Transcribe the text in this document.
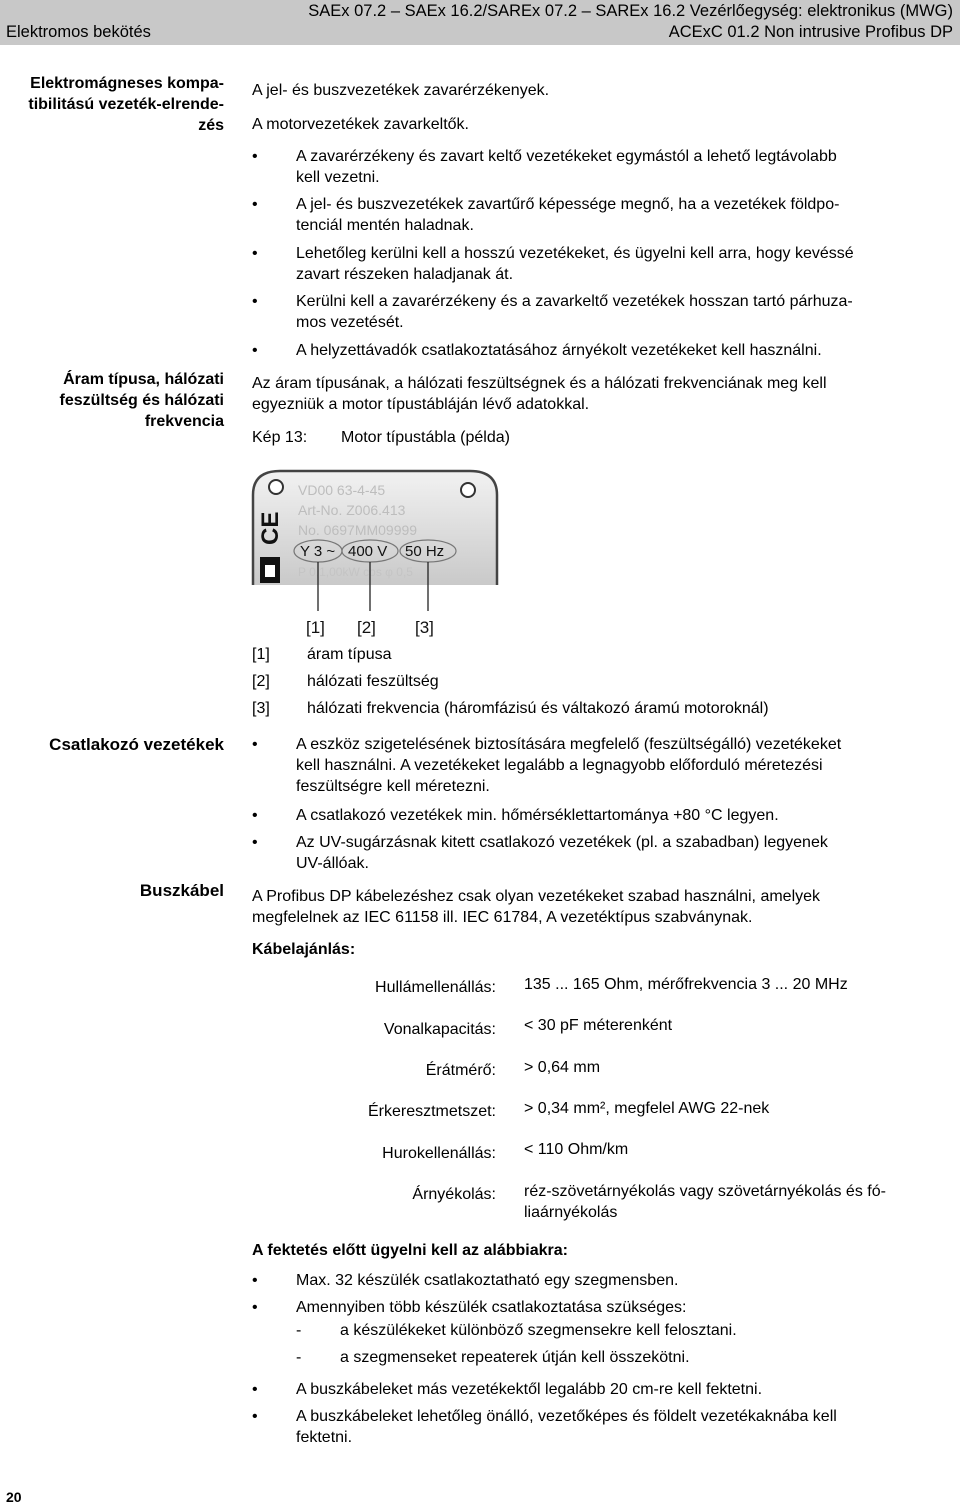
Elektromos bekötés
SAEx 07.2 – SAEx 16.2/SAREx 07.2 – SAREx 16.2 Vezérlőegység: elektronikus (MWG)
ACExC 01.2 Non intrusive Profibus DP
Elektromágneses kompa-
tibilitású vezeték-elrende-
zés
A jel- és buszvezetékek zavarérzékenyek.
A motorvezetékek zavarkeltők.
• A zavarérzékeny és zavart keltő vezetékeket egymástól a lehető legtávolabb
kell vezetni.
• A jel- és buszvezetékek zavartűrő képessége megnő, ha a vezetékek földpo-
tenciál mentén haladnak.
• Lehetőleg kerülni kell a hosszú vezetékeket, és ügyelni kell arra, hogy kevéssé
zavart részeken haladjanak át.
• Kerülni kell a zavarérzékeny és a zavarkeltő vezetékek hosszan tartó párhuza-
mos vezetését.
• A helyzettávadók csatlakoztatásához árnyékolt vezetékeket kell használni.
Áram típusa, hálózati
feszültség és hálózati
frekvencia
Az áram típusának, a hálózati feszültségnek és a hálózati frekvenciának meg kell
egyezniük a motor típustábláján lévő adatokkal.
Kép 13: Motor típustábla (példa)
CE
VD00 63-4-45
Art-No. Z006.413
No. 0697MM09999
Y 3 ~ 400 V 50 Hz
P 0,1,00kW cos φ 0,5
[1] [2] [3]
[1] áram típusa
[2] hálózati feszültség
[3] hálózati frekvencia (háromfázisú és váltakozó áramú motoroknál)
Csatlakozó vezetékek • A eszköz szigetelésének biztosítására megfelelő (feszültségálló) vezetékeket
kell használni. A vezetékeket legalább a legnagyobb előforduló méretezési
feszültségre kell méretezni.
• A csatlakozó vezetékek min. hőmérséklettartománya +80 °C legyen.
• Az UV-sugárzásnak kitett csatlakozó vezetékek (pl. a szabadban) legyenek
UV-állóak.
Buszkábel A Profibus DP kábelezéshez csak olyan vezetékeket szabad használni, amelyek
megfelelnek az IEC 61158 ill. IEC 61784, A vezetéktípus szabványnak.
Kábelajánlás:
Hullámellenállás: 135 ... 165 Ohm, mérőfrekvencia 3 ... 20 MHz
Vonalkapacitás: < 30 pF méterenként
Érátmérő: > 0,64 mm
Érkeresztmetszet: > 0,34 mm², megfelel AWG 22-nek
Hurokellenállás: < 110 Ohm/km
Árnyékolás: réz-szövetárnyékolás vagy szövetárnyékolás és fó-
liaárnyékolás
A fektetés előtt ügyelni kell az alábbiakra:
• Max. 32 készülék csatlakoztatható egy szegmensben.
• Amennyiben több készülék csatlakoztatása szükséges:
- a készülékeket különböző szegmensekre kell felosztani.
- a szegmenseket repeaterek útján kell összekötni.
• A buszkábeleket más vezetékektől legalább 20 cm-re kell fektetni.
• A buszkábeleket lehetőleg önálló, vezetőképes és földelt vezetékaknába kell
fektetni.
20
